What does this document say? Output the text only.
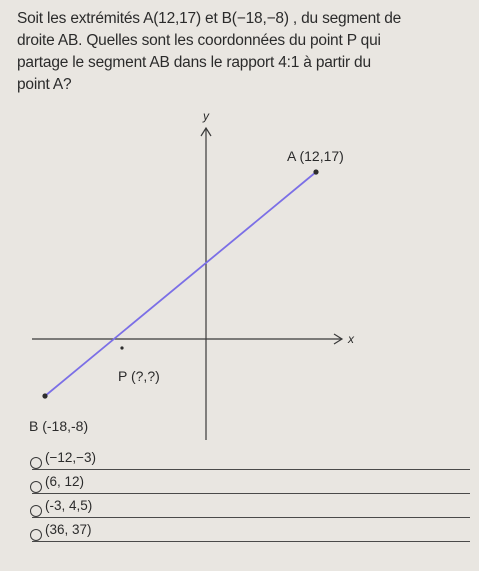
Soit les extrémités A(12,17) et B(−18,−8) , du segment de
droite AB. Quelles sont les coordonnées du point P qui
partage le segment AB dans le rapport 4:1 à partir du
point A?
y
x
A (12,17)
P (?,?)
B (-18,-8)
(−12,−3)
(6, 12)
(-3, 4,5)
(36, 37)
